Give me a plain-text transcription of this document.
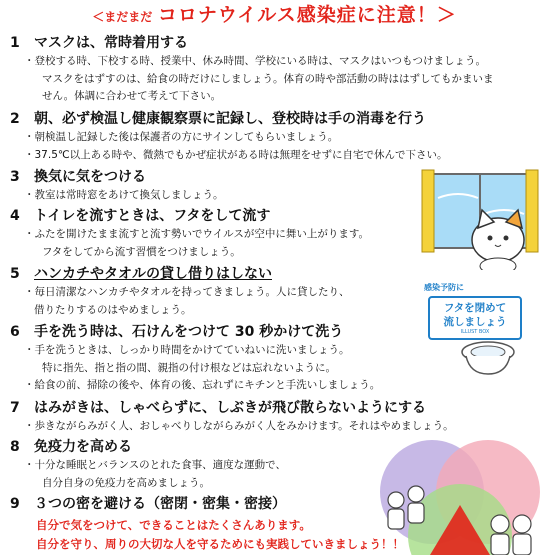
＜まだまだ コロナウイルス感染症に注意！＞
1 マスクは、常時着用する
・ 登校する時、下校する時、授業中、休み時間、学校にいる時は、マスクはいつもつけましょう。
マスクをはずすのは、給食の時だけにしましょう。体育の時や部活動の時ははずしてもかまいま
せん。体調に合わせて考えて下さい。
2 朝、必ず検温し健康観察票に記録し、登校時は手の消毒を行う
・ 朝検温し記録した後は保護者の方にサインしてもらいましょう。
・ 37.5℃以上ある時や、微熱でもかぜ症状がある時は無理をせずに自宅で休んで下さい。
3 換気に気をつける
・ 教室は常時窓をあけて換気しましょう。
4 トイレを流すときは、フタをして流す
・ ふたを開けたまま流すと流す勢いでウイルスが空中に舞い上がります。
フタをしてから流す習慣をつけましょう。
5 ハンカチやタオルの貸し借りはしない
・ 毎日清潔なハンカチやタオルを持ってきましょう。人に貸したり、
借りたりするのはやめましょう。
6 手を洗う時は、石けんをつけて 30 秒かけて洗う
・ 手を洗うときは、しっかり時間をかけてていねいに洗いましょう。
特に指先、指と指の間、親指の付け根などは忘れないように。
・ 給食の前、掃除の後や、体育の後、忘れずにキチンと手洗いしましょう。
7 はみがきは、しゃべらずに、しぶきが飛び散らないようにする
・ 歩きながらみがく人、おしゃべりしながらみがく人をみかけます。それはやめましょう。
8 免疫力を高める
・ 十分な睡眠とバランスのとれた食事、適度な運動で、
自分自身の免疫力を高めましょう。
9 ３つの密を避ける（密閉・密集・密接）
自分で気をつけて、できることはたくさんあります。
自分を守り、周りの大切な人を守るためにも実践していきましょう！！
感染予防に
フタを閉めて
流しましょう
ILLUST BOX
